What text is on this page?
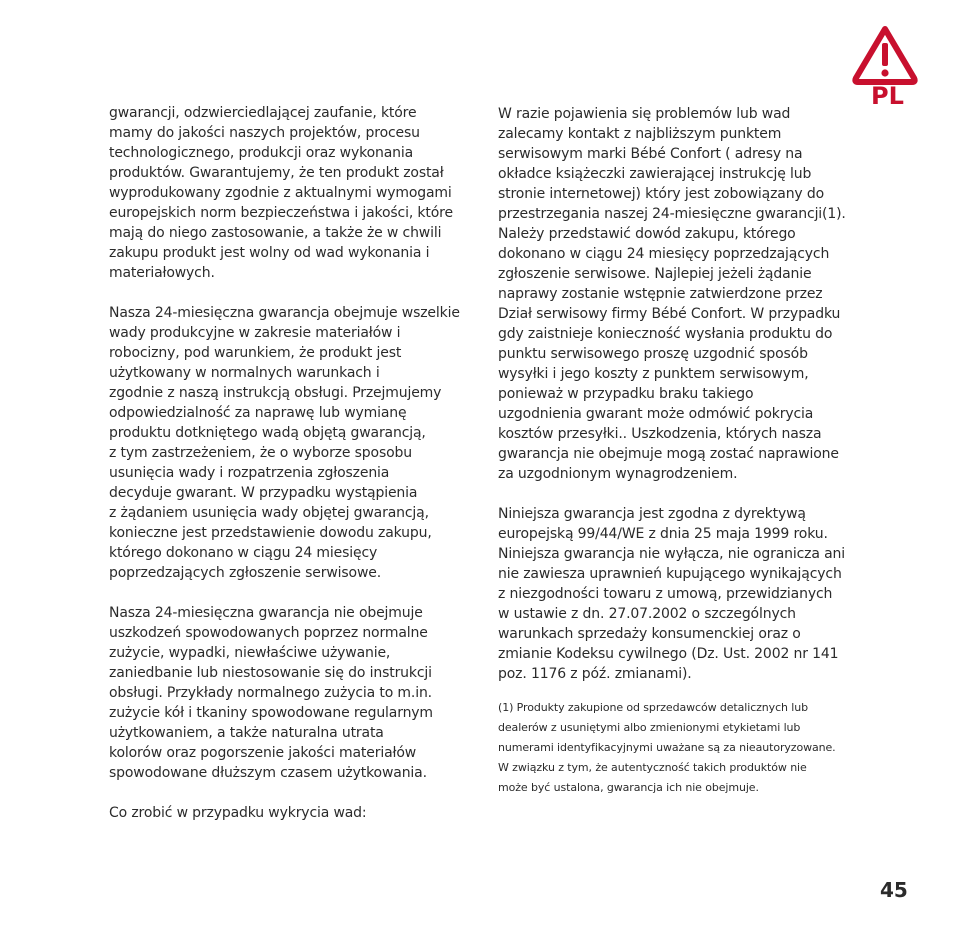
PL
gwarancji, odzwierciedlającej zaufanie, które
mamy do jakości naszych projektów, procesu
technologicznego, produkcji oraz wykonania
produktów. Gwarantujemy, że ten produkt został
wyprodukowany zgodnie z aktualnymi wymogami
europejskich norm bezpieczeństwa i jakości, które
mają do niego zastosowanie, a także że w chwili
zakupu produkt jest wolny od wad wykonania i
materiałowych.
Nasza 24-miesięczna gwarancja obejmuje wszelkie
wady produkcyjne w zakresie materiałów i
robocizny, pod warunkiem, że produkt jest
użytkowany w normalnych warunkach i
zgodnie z naszą instrukcją obsługi. Przejmujemy
odpowiedzialność za naprawę lub wymianę
produktu dotkniętego wadą objętą gwarancją,
z tym zastrzeżeniem, że o wyborze sposobu
usunięcia wady i rozpatrzenia zgłoszenia
decyduje gwarant. W przypadku wystąpienia
z żądaniem usunięcia wady objętej gwarancją,
konieczne jest przedstawienie dowodu zakupu,
którego dokonano w ciągu 24 miesięcy
poprzedzających zgłoszenie serwisowe.
Nasza 24-miesięczna gwarancja nie obejmuje
uszkodzeń spowodowanych poprzez normalne
zużycie, wypadki, niewłaściwe używanie,
zaniedbanie lub niestosowanie się do instrukcji
obsługi. Przykłady normalnego zużycia to m.in.
zużycie kół i tkaniny spowodowane regularnym
użytkowaniem, a także naturalna utrata
kolorów oraz pogorszenie jakości materiałów
spowodowane dłuższym czasem użytkowania.
Co zrobić w przypadku wykrycia wad:
W razie pojawienia się problemów lub wad
zalecamy kontakt z najbliższym punktem
serwisowym marki Bébé Confort ( adresy na
okładce książeczki zawierającej instrukcję lub
stronie internetowej) który jest zobowiązany do
przestrzegania naszej 24-miesięczne gwarancji(1).
Należy przedstawić dowód zakupu, którego
dokonano w ciągu 24 miesięcy poprzedzających
zgłoszenie serwisowe. Najlepiej jeżeli żądanie
naprawy zostanie wstępnie zatwierdzone przez
Dział serwisowy firmy Bébé Confort. W przypadku
gdy zaistnieje konieczność wysłania produktu do
punktu serwisowego proszę uzgodnić sposób
wysyłki i jego koszty z punktem serwisowym,
ponieważ w przypadku braku takiego
uzgodnienia gwarant może odmówić pokrycia
kosztów przesyłki.. Uszkodzenia, których nasza
gwarancja nie obejmuje mogą zostać naprawione
za uzgodnionym wynagrodzeniem.
Niniejsza gwarancja jest zgodna z dyrektywą
europejską 99/44/WE z dnia 25 maja 1999 roku.
Niniejsza gwarancja nie wyłącza, nie ogranicza ani
nie zawiesza uprawnień kupującego wynikających
z niezgodności towaru z umową, przewidzianych
w ustawie z dn. 27.07.2002 o szczególnych
warunkach sprzedaży konsumenckiej oraz o
zmianie Kodeksu cywilnego (Dz. Ust. 2002 nr 141
poz. 1176 z póź. zmianami).
(1) Produkty zakupione od sprzedawców detalicznych lub
dealerów z usuniętymi albo zmienionymi etykietami lub
numerami identyfikacyjnymi uważane są za nieautoryzowane.
W związku z tym, że autentyczność takich produktów nie
może być ustalona, gwarancja ich nie obejmuje.
45
